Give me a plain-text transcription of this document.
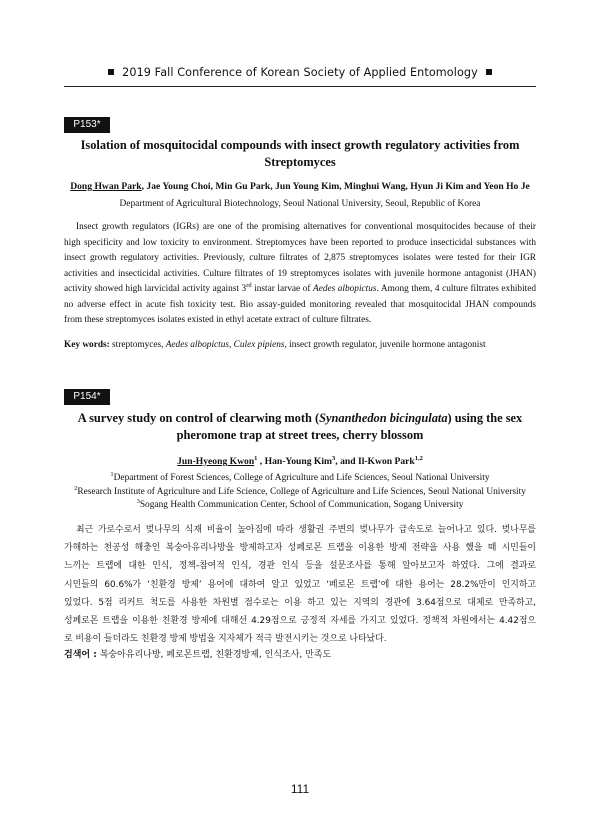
2019 Fall Conference of Korean Society of Applied Entomology
P153*
Isolation of mosquitocidal compounds with insect growth regulatory activities from
Streptomyces
Dong Hwan Park, Jae Young Choi, Min Gu Park, Jun Young Kim, Minghui Wang, Hyun Ji Kim and Yeon Ho Je
Department of Agricultural Biotechnology, Seoul National University, Seoul, Republic of Korea
Insect growth regulators (IGRs) are one of the promising alternatives for conventional mosquitocides because of their
high specificity and low toxicity to environment. Streptomyces have been reported to produce insecticidal substances with
insect growth regulatory activities. Previously, culture filtrates of 2,875 streptomyces isolates were tested for their IGR
activities and insecticidal activities. Culture filtrates of 19 streptomyces isolates with juvenile hormone antagonist (JHAN)
activity showed high larvicidal activity against 3rd instar larvae of Aedes albopictus. Among them, 4 culture filtrates exhibited
no adverse effect in acute fish toxicity test. Bio assay-guided monitoring revealed that mosquitocidal JHAN compounds
from these streptomyces isolates existed in ethyl acetate extract of culture filtrates.
Key words: streptomyces, Aedes albopictus, Culex pipiens, insect growth regulator, juvenile hormone antagonist
P154*
A survey study on control of clearwing moth (Synanthedon bicingulata) using the sex
pheromone trap at street trees, cherry blossom
Jun-Hyeong Kwon$^1$ , Han-Young Kim$^3$, and Il-Kwon Park$^{1,2}$
$^1$Department of Forest Sciences, College of Agriculture and Life Sciences, Seoul National University
$^2$Research Institute of Agriculture and Life Science, College of Agriculture and Life Sciences, Seoul National University
$^3$Sogang Health Communication Center, School of Communication, Sogang University
최근 가로수로서 벚나무의 식재 비율이 높아짐에 따라 생활권 주변의 벚나무가 급속도로 늘어나고 있다. 벚나무를
가해하는 천공성 해충인 복숭아유리나방을 방제하고자 성페로몬 트랩을 이용한 방제 전략을 사용 했을 때 시민들이
느끼는 트랩에 대한 인식, 정책-참여적 인식, 경관 인식 등을 설문조사를 통해 알아보고자 하였다. 그에 결과로
시민들의 60.6%가 ‘친환경 방제’ 용어에 대하여 알고 있었고 ‘페로몬 트랩’에 대한 용어는 28.2%만이 인지하고
있었다. 5점 리커트 척도를 사용한 차원별 점수로는 이용 하고 있는 지역의 경관에 3.64점으로 대체로 만족하고,
성페로몬 트랩을 이용한 친환경 방제에 대해선 4.29점으로 긍정적 자세를 가지고 있었다. 정책적 차원에서는 4.42점으
로 비용이 들더라도 친환경 방제 방법을 지자체가 적극 발전시키는 것으로 나타났다.
검색어 : 복숭아유리나방, 페로몬트랩, 친환경방제, 인식조사, 만족도
111
